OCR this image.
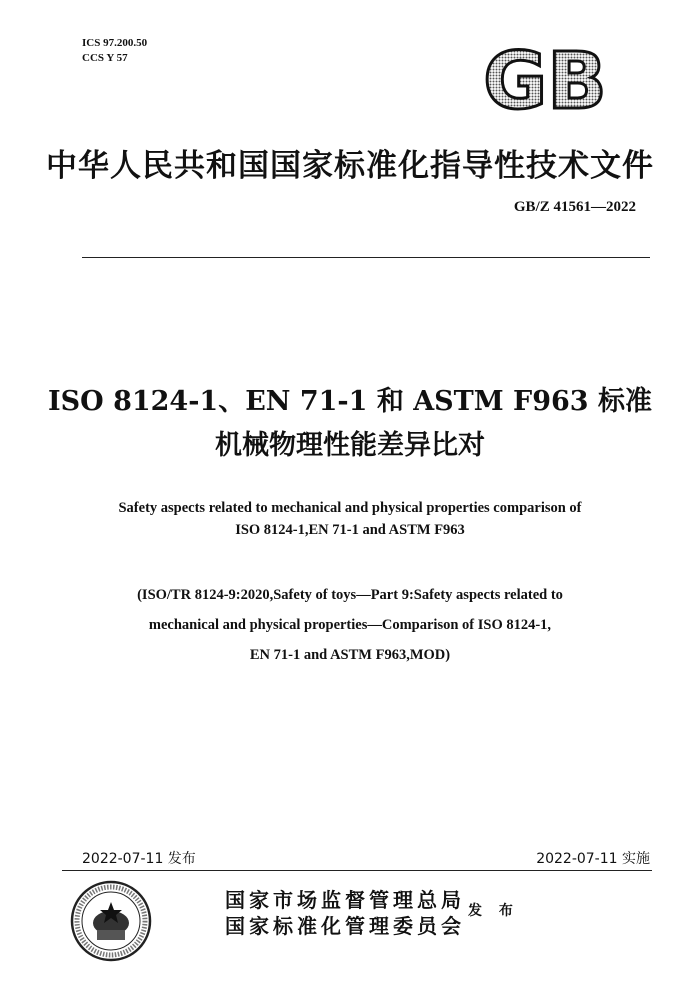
ICS 97.200.50
CCS Y 57	GB
中华人民共和国国家标准化指导性技术文件
GB/Z 41561—2022
ISO 8124-1、EN 71-1 和 ASTM F963 标准
机械物理性能差异比对
Safety aspects related to mechanical and physical properties comparison of
ISO 8124-1,EN 71-1 and ASTM F963
(ISO/TR 8124-9:2020,Safety of toys—Part 9:Safety aspects related to
mechanical and physical properties—Comparison of ISO 8124-1,
EN 71-1 and ASTM F963,MOD)
2022-07-11 发布	2022-07-11 实施
国家市场监督管理总局
国家标准化管理委员会
发 布
